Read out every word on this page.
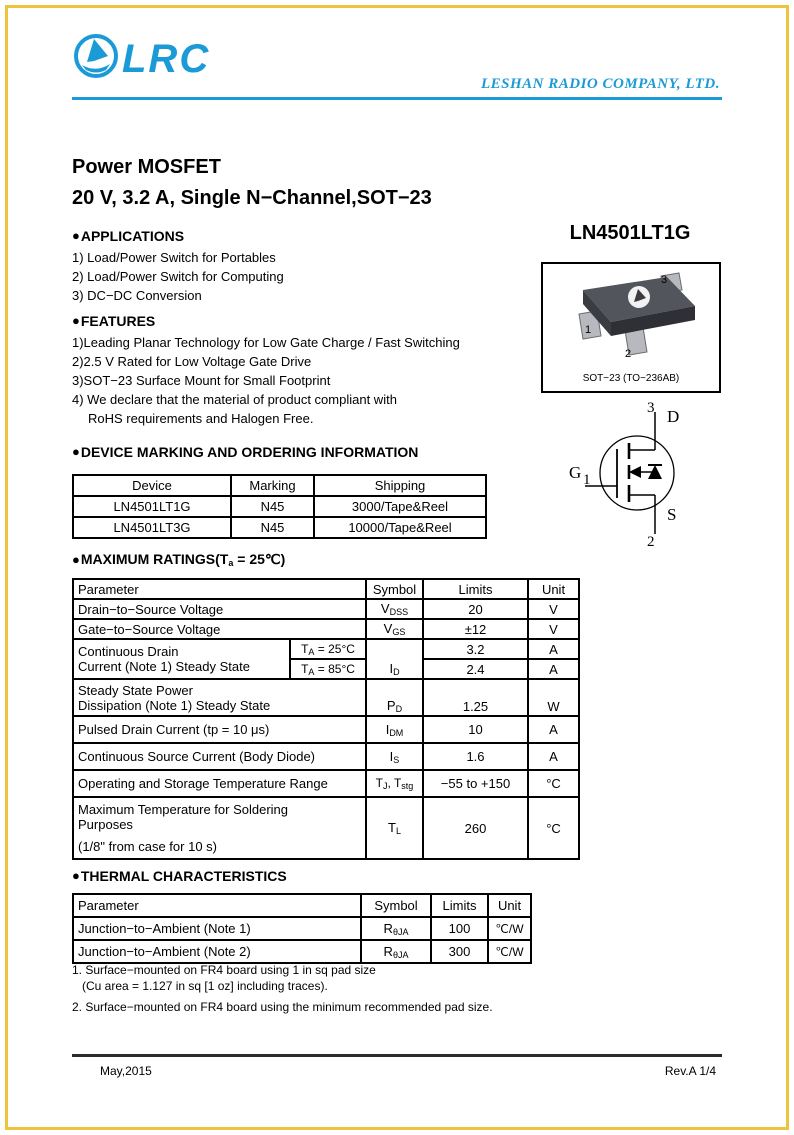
LRC
LESHAN RADIO COMPANY, LTD.
Power MOSFET
20 V, 3.2 A, Single N−Channel,SOT−23
LN4501LT1G
3
1
2
SOT−23 (TO−236AB)
3 D
G 1
S
2
● APPLICATIONS
1) Load/Power Switch for Portables
2) Load/Power Switch for Computing
3) DC−DC Conversion
● FEATURES
1)Leading Planar Technology for Low Gate Charge / Fast Switching
2)2.5 V Rated for Low Voltage Gate Drive
3)SOT−23 Surface Mount for Small Footprint
4) We declare that the material of product compliant with
RoHS requirements and Halogen Free.
● DEVICE MARKING AND ORDERING INFORMATION
Device	Marking	Shipping
LN4501LT1G	N45	3000/Tape&Reel
LN4501LT3G	N45	10000/Tape&Reel
● MAXIMUM RATINGS(Ta = 25℃)
Parameter		Symbol	Limits	Unit
Drain−to−Source Voltage		VDSS	20	V
Gate−to−Source Voltage		VGS	±12	V

Continuous Drain
Current (Note 1) Steady State	TA = 25°C	ID	3.2	A
	TA = 85°C		2.4	A

Steady State Power
Dissipation (Note 1) Steady State		PD	1.25	W
Pulsed Drain Current (tp = 10 μs)		IDM	10	A
Continuous Source Current (Body Diode)		IS	1.6	A
Operating and Storage Temperature Range		TJ, Tstg	−55 to +150	°C

Maximum Temperature for Soldering
Purposes
(1/8" from case for 10 s)		TL	260	°C
● THERMAL CHARACTERISTICS
Parameter	Symbol	Limits	Unit
Junction−to−Ambient (Note 1)	RθJA	100	℃/W
Junction−to−Ambient (Note 2)	RθJA	300	℃/W
1. Surface−mounted on FR4 board using 1 in sq pad size
(Cu area = 1.127 in sq [1 oz] including traces).
2. Surface−mounted on FR4 board using the minimum recommended pad size.
May,2015	Rev.A 1/4
